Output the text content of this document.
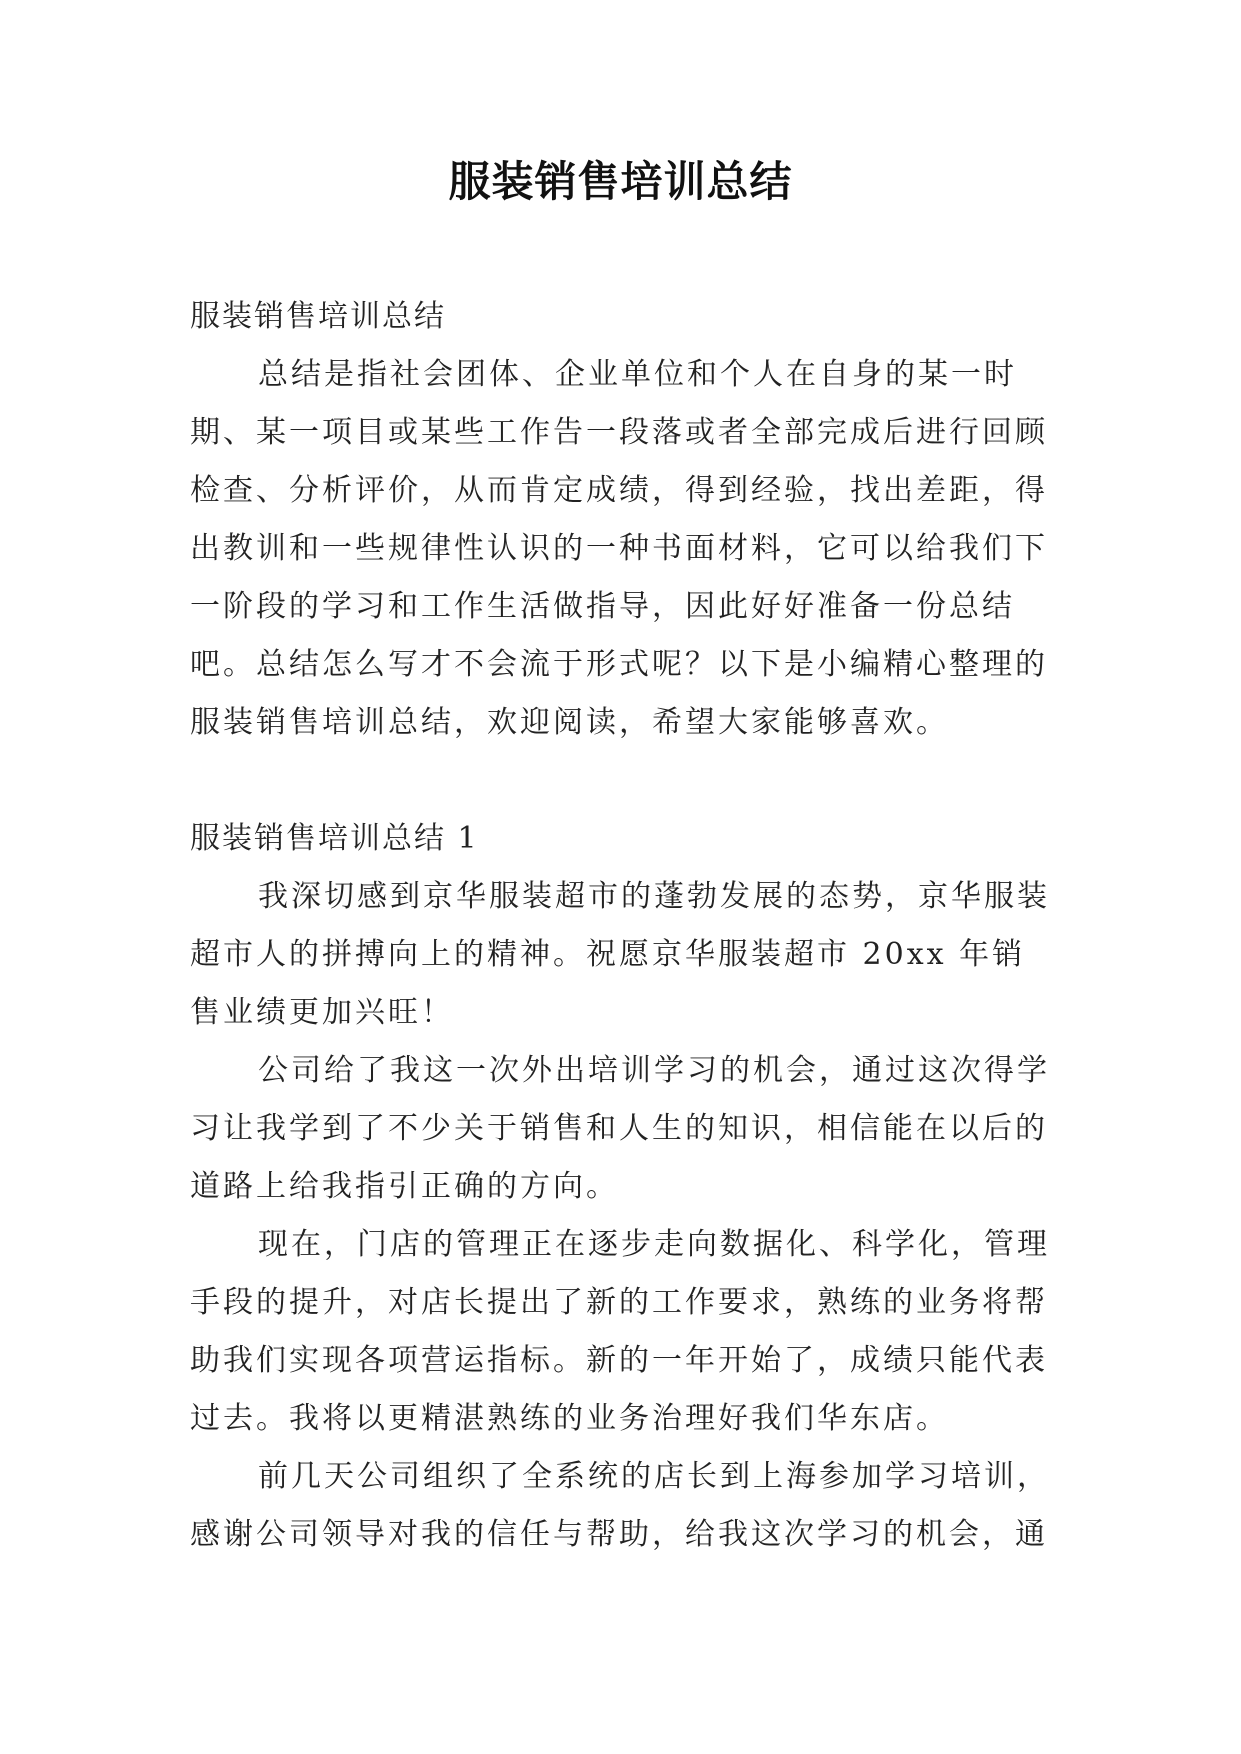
服装销售培训总结

服装销售培训总结

总结是指社会团体、企业单位和个人在自身的某一时期、某一项目或某些工作告一段落或者全部完成后进行回顾检查、分析评价，从而肯定成绩，得到经验，找出差距，得出教训和一些规律性认识的一种书面材料，它可以给我们下一阶段的学习和工作生活做指导，因此好好准备一份总结吧。总结怎么写才不会流于形式呢？以下是小编精心整理的服装销售培训总结，欢迎阅读，希望大家能够喜欢。

服装销售培训总结 1

我深切感到京华服装超市的蓬勃发展的态势，京华服装超市人的拼搏向上的精神。祝愿京华服装超市 20xx 年销售业绩更加兴旺！

公司给了我这一次外出培训学习的机会，通过这次得学习让我学到了不少关于销售和人生的知识，相信能在以后的道路上给我指引正确的方向。

现在，门店的管理正在逐步走向数据化、科学化，管理手段的提升，对店长提出了新的工作要求，熟练的业务将帮助我们实现各项营运指标。新的一年开始了，成绩只能代表过去。我将以更精湛熟练的业务治理好我们华东店。

前几天公司组织了全系统的店长到上海参加学习培训，感谢公司领导对我的信任与帮助，给我这次学习的机会，通
